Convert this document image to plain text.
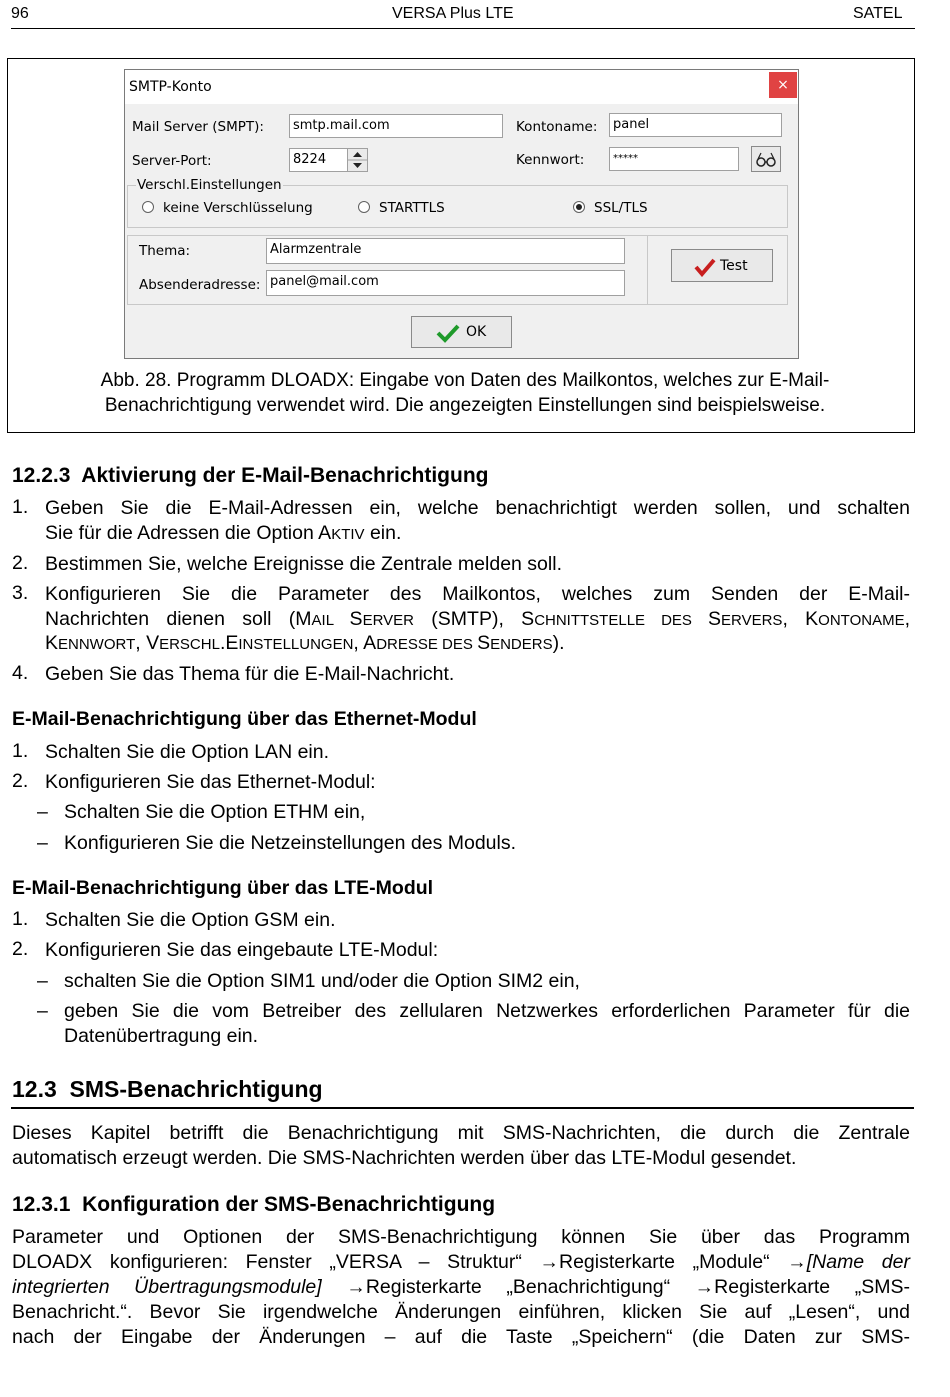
96	VERSA Plus LTE	SATEL
SMTP-Konto	×
Mail Server (SMPT):	smtp.mail.com
Server-Port:	8224
Kontoname:	panel
Kennwort:	*****
Verschl.Einstellungen
keine Verschlüsselung	STARTTLS	SSL/TLS
Thema:	Alarmzentrale
Absenderadresse: panel@mail.com
Test
OK
Abb. 28. Programm DLOADX: Eingabe von Daten des Mailkontos, welches zur E-Mail-
Benachrichtigung verwendet wird. Die angezeigten Einstellungen sind beispielsweise.
12.2.3 Aktivierung der E-Mail-Benachrichtigung
1. Geben Sie die E-Mail-Adressen ein, welche benachrichtigt werden sollen, und schalten
Sie für die Adressen die Option AKTIV ein.
2. Bestimmen Sie, welche Ereignisse die Zentrale melden soll.
3. Konfigurieren Sie die Parameter des Mailkontos, welches zum Senden der E-Mail-
Nachrichten dienen soll (MAIL SERVER (SMTP), SCHNITTSTELLE DES SERVERS, KONTONAME,
KENNWORT, VERSCHL.EINSTELLUNGEN, ADRESSE DES SENDERS).
4. Geben Sie das Thema für die E-Mail-Nachricht.
E-Mail-Benachrichtigung über das Ethernet-Modul
1. Schalten Sie die Option LAN ein.
2. Konfigurieren Sie das Ethernet-Modul:
– Schalten Sie die Option ETHM ein,
– Konfigurieren Sie die Netzeinstellungen des Moduls.
E-Mail-Benachrichtigung über das LTE-Modul
1. Schalten Sie die Option GSM ein.
2. Konfigurieren Sie das eingebaute LTE-Modul:
– schalten Sie die Option SIM1 und/oder die Option SIM2 ein,
– geben Sie die vom Betreiber des zellularen Netzwerkes erforderlichen Parameter für die
Datenübertragung ein.
12.3 SMS-Benachrichtigung
Dieses Kapitel betrifft die Benachrichtigung mit SMS-Nachrichten, die durch die Zentrale
automatisch erzeugt werden. Die SMS-Nachrichten werden über das LTE-Modul gesendet.
12.3.1 Konfiguration der SMS-Benachrichtigung
Parameter und Optionen der SMS-Benachrichtigung können Sie über das Programm
DLOADX konfigurieren: Fenster „VERSA – Struktur“ →Registerkarte „Module“ →[Name der
integrierten Übertragungsmodule] →Registerkarte „Benachrichtigung“ →Registerkarte „SMS-
Benachricht.“. Bevor Sie irgendwelche Änderungen einführen, klicken Sie auf „Lesen“, und
nach der Eingabe der Änderungen – auf die Taste „Speichern“ (die Daten zur SMS-
